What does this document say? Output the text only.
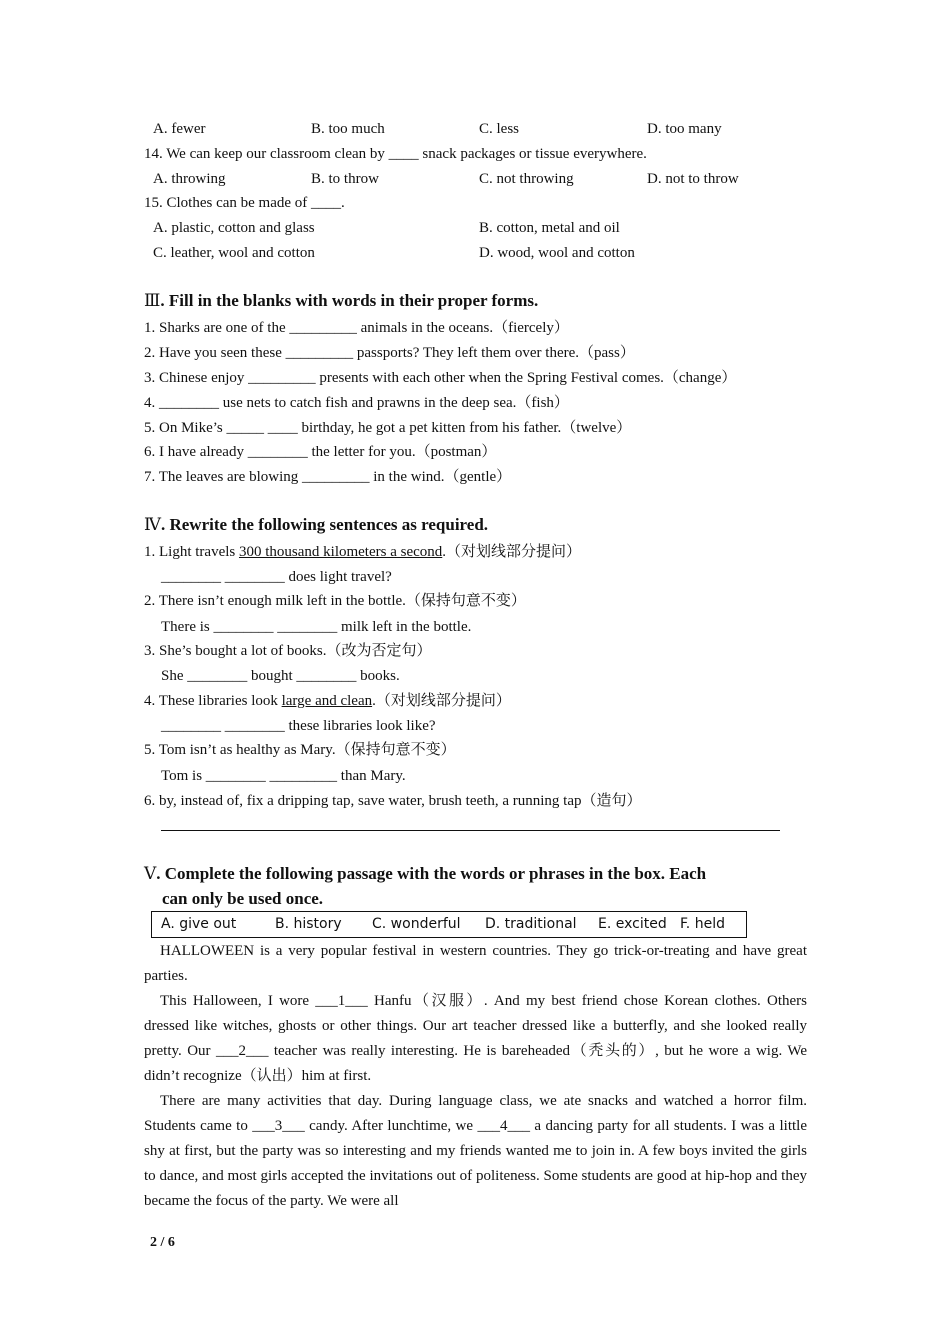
A. fewer	B. too much	C. less	D. too many
14. We can keep our classroom clean by ____ snack packages or tissue everywhere.
A. throwing	B. to throw	C. not throwing	D. not to throw
15. Clothes can be made of ____.
A. plastic, cotton and glass	B. cotton, metal and oil
C. leather, wool and cotton	D. wood, wool and cotton
Ⅲ. Fill in the blanks with words in their proper forms.
1. Sharks are one of the _________ animals in the oceans.（fiercely）
2. Have you seen these _________ passports? They left them over there.（pass）
3. Chinese enjoy _________ presents with each other when the Spring Festival comes.（change）
4. ________ use nets to catch fish and prawns in the deep sea.（fish）
5. On Mike’s _____ ____ birthday, he got a pet kitten from his father.（twelve）
6. I have already ________ the letter for you.（postman）
7. The leaves are blowing _________ in the wind.（gentle）
Ⅳ. Rewrite the following sentences as required.
1. Light travels 300 thousand kilometers a second.（对划线部分提问）
________ ________ does light travel?
2. There isn’t enough milk left in the bottle.（保持句意不变）
There is ________ ________ milk left in the bottle.
3. She’s bought a lot of books.（改为否定句）
She ________ bought ________ books.
4. These libraries look large and clean.（对划线部分提问）
________ ________ these libraries look like?
5. Tom isn’t as healthy as Mary.（保持句意不变）
Tom is ________ _________ than Mary.
6. by, instead of, fix a dripping tap, save water, brush teeth, a running tap（造句）
Ⅴ. Complete the following passage with the words or phrases in the box. Each
can only be used once.
A. give out	B. history C. wonderful D. traditional E. excited F. held
HALLOWEEN is a very popular festival in western countries. They go trick-or-treating and have great parties.
This Halloween, I wore ___1___ Hanfu（汉服）. And my best friend chose Korean clothes. Others dressed like witches, ghosts or other things. Our art teacher dressed like a butterfly, and she looked really pretty. Our ___2___ teacher was really interesting. He is bareheaded（秃头的）, but he wore a wig. We didn’t recognize（认出）him at first.
There are many activities that day. During language class, we ate snacks and watched a horror film. Students came to ___3___ candy. After lunchtime, we ___4___ a dancing party for all students. I was a little shy at first, but the party was so interesting and my friends wanted me to join in. A few boys invited the girls to dance, and most girls accepted the invitations out of politeness. Some students are good at hip-hop and they became the focus of the party. We were all
2 / 6
